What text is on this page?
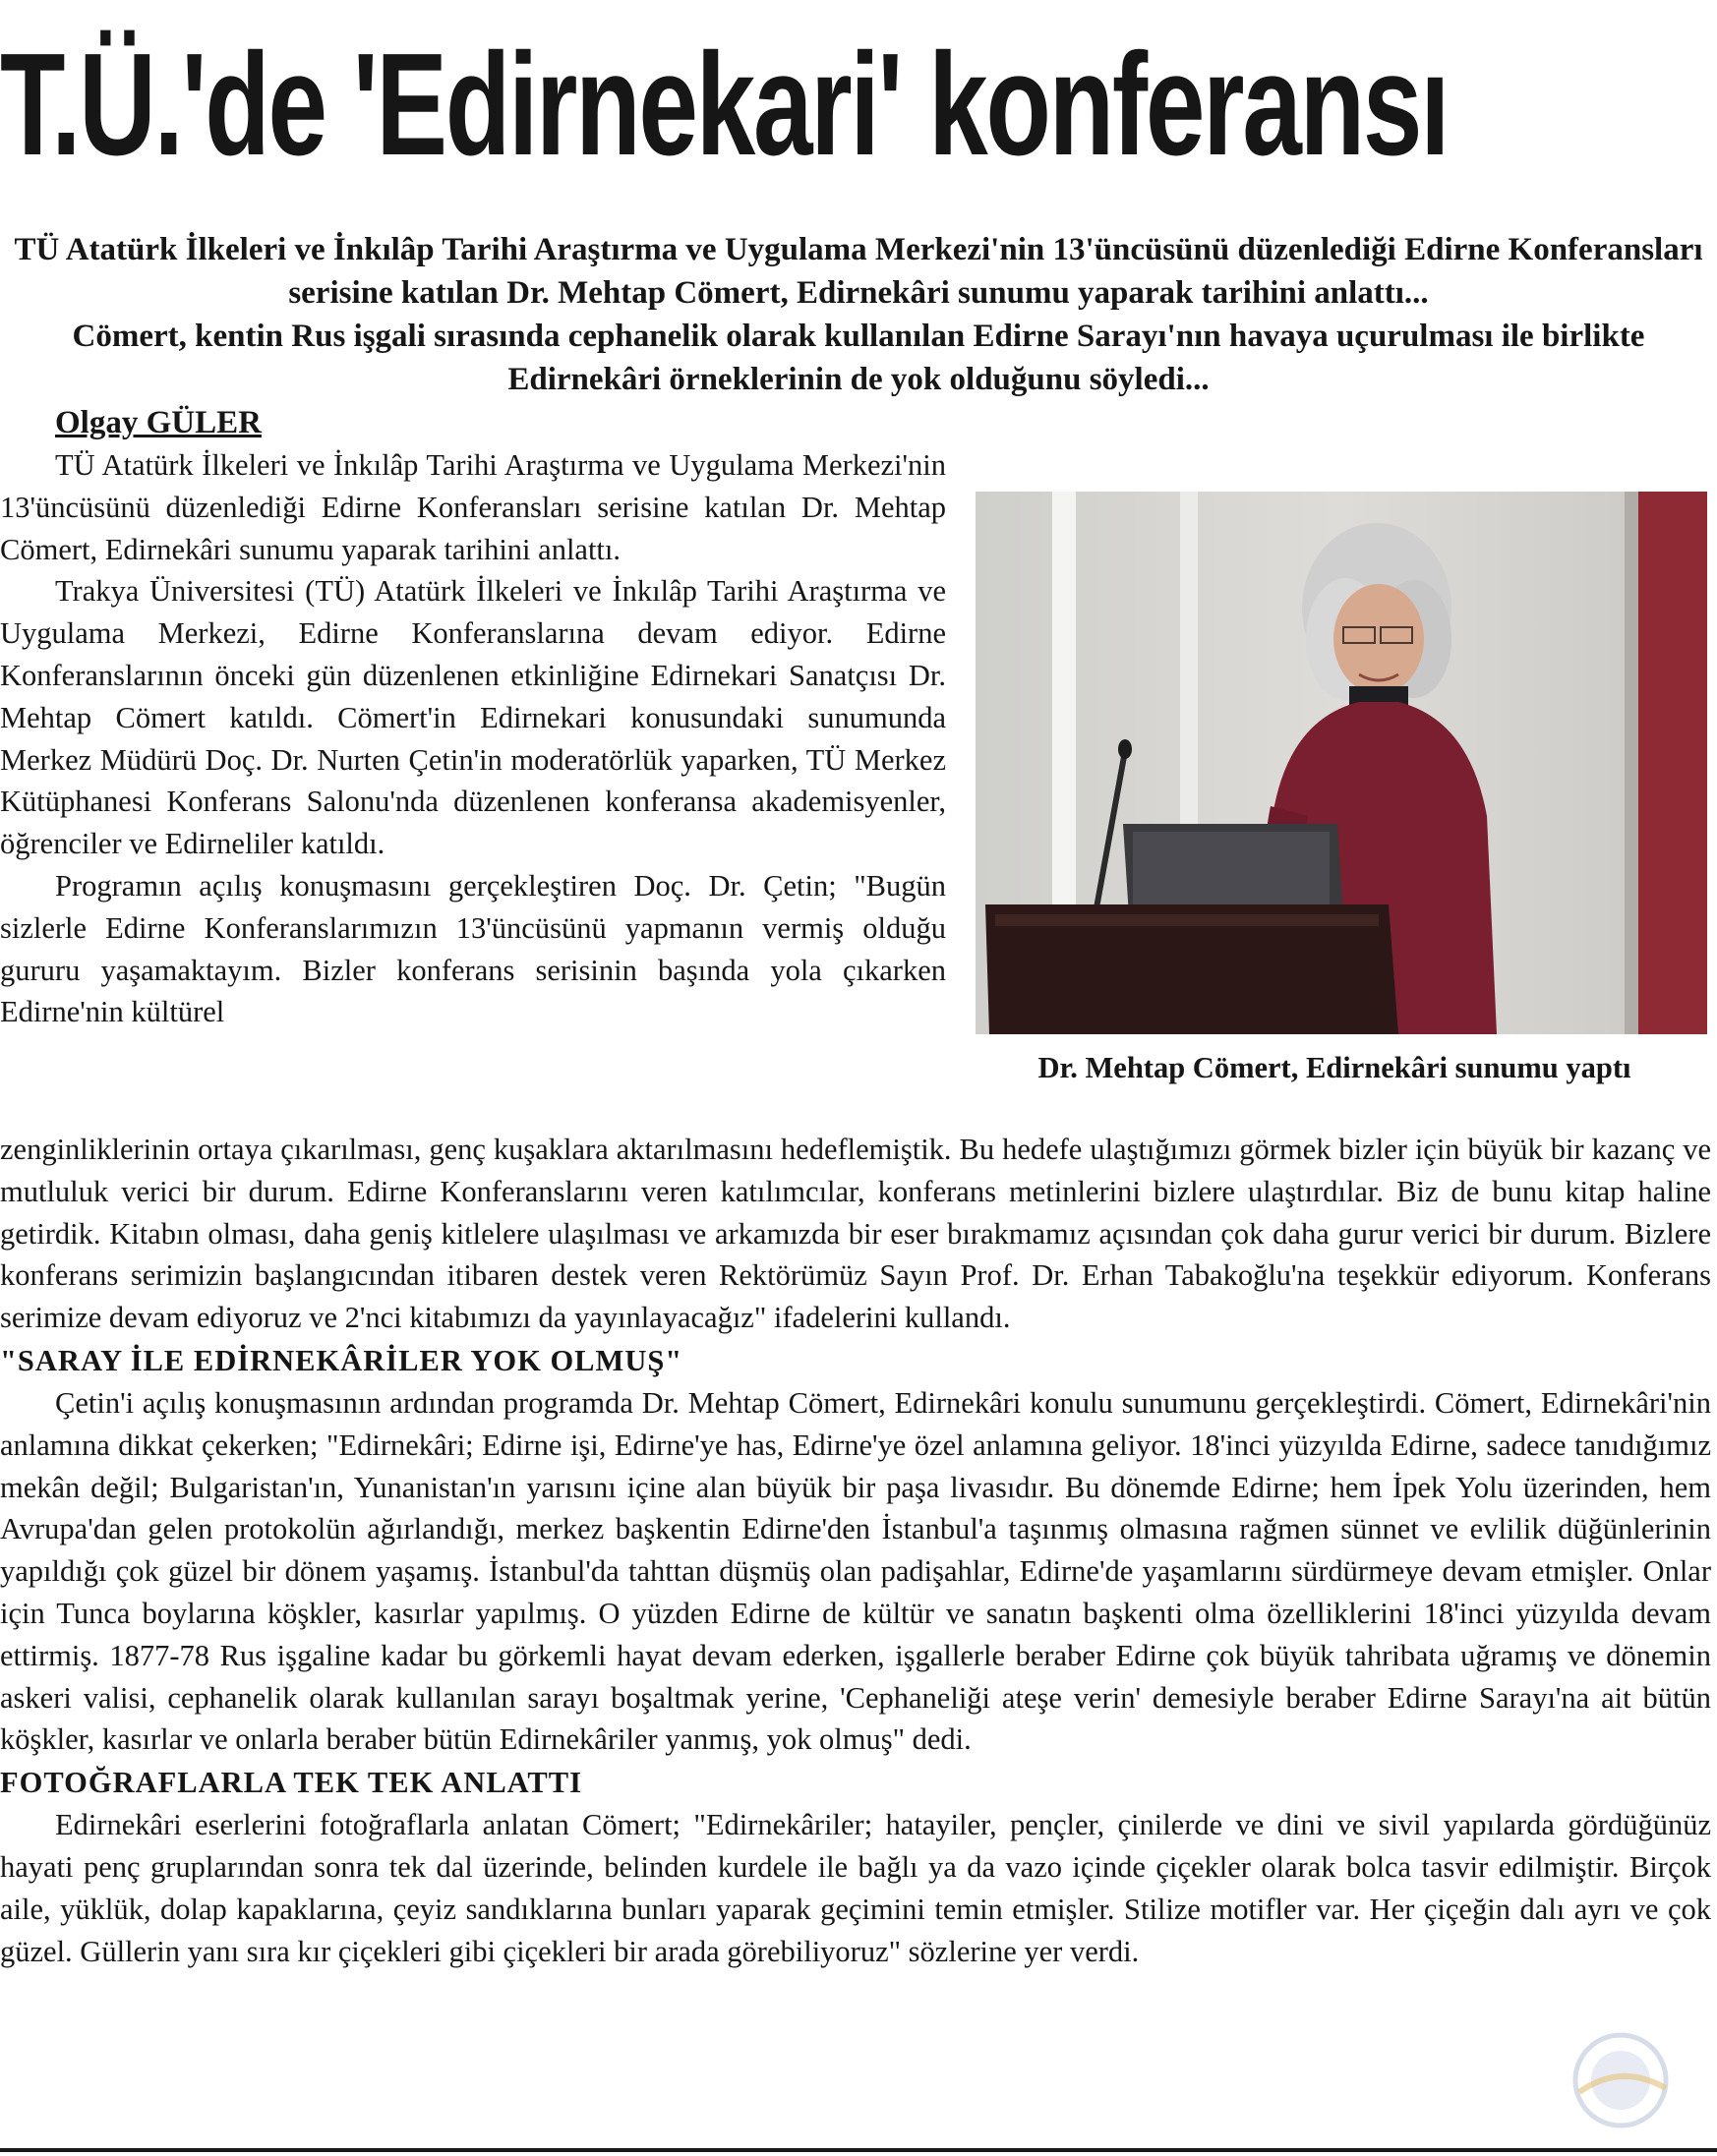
T.Ü.'de 'Edirnekari' konferansı

TÜ Atatürk İlkeleri ve İnkılâp Tarihi Araştırma ve Uygulama Merkezi'nin 13'üncüsünü düzenlediği Edirne Konferansları serisine katılan Dr. Mehtap Cömert, Edirnekâri sunumu yaparak tarihini anlattı...

Cömert, kentin Rus işgali sırasında cephanelik olarak kullanılan Edirne Sarayı'nın havaya uçurulması ile birlikte Edirnekâri örneklerinin de yok olduğunu söyledi...

Olgay GÜLER

TÜ Atatürk İlkeleri ve İnkılâp Tarihi Araştırma ve Uygulama Merkezi'nin 13'üncüsünü düzenlediği Edirne Konferansları serisine katılan Dr. Mehtap Cömert, Edirnekâri sunumu yaparak tarihini anlattı.

Trakya Üniversitesi (TÜ) Atatürk İlkeleri ve İnkılâp Tarihi Araştırma ve Uygulama Merkezi, Edirne Konferanslarına devam ediyor. Edirne Konferanslarının önceki gün düzenlenen etkinliğine Edirnekari Sanatçısı Dr. Mehtap Cömert katıldı. Cömert'in Edirnekari konusundaki sunumunda Merkez Müdürü Doç. Dr. Nurten Çetin'in moderatörlük yaparken, TÜ Merkez Kütüphanesi Konferans Salonu'nda düzenlenen konferansa akademisyenler, öğrenciler ve Edirneliler katıldı.

Programın açılış konuşmasını gerçekleştiren Doç. Dr. Çetin; "Bugün sizlerle Edirne Konferanslarımızın 13'üncüsünü yapmanın vermiş olduğu gururu yaşamaktayım. Bizler konferans serisinin başında yola çıkarken Edirne'nin kültürel

Dr. Mehtap Cömert, Edirnekâri sunumu yaptı

zenginliklerinin ortaya çıkarılması, genç kuşaklara aktarılmasını hedeflemiştik. Bu hedefe ulaştığımızı görmek bizler için büyük bir kazanç ve mutluluk verici bir durum. Edirne Konferanslarını veren katılımcılar, konferans metinlerini bizlere ulaştırdılar. Biz de bunu kitap haline getirdik. Kitabın olması, daha geniş kitlelere ulaşılması ve arkamızda bir eser bırakmamız açısından çok daha gurur verici bir durum. Bizlere konferans serimizin başlangıcından itibaren destek veren Rektörümüz Sayın Prof. Dr. Erhan Tabakoğlu'na teşekkür ediyorum. Konferans serimize devam ediyoruz ve 2'nci kitabımızı da yayınlayacağız" ifadelerini kullandı.

"SARAY İLE EDİRNEKÂRİLER YOK OLMUŞ"

Çetin'i açılış konuşmasının ardından programda Dr. Mehtap Cömert, Edirnekâri konulu sunumunu gerçekleştirdi. Cömert, Edirnekâri'nin anlamına dikkat çekerken; "Edirnekâri; Edirne işi, Edirne'ye has, Edirne'ye özel anlamına geliyor. 18'inci yüzyılda Edirne, sadece tanıdığımız mekân değil; Bulgaristan'ın, Yunanistan'ın yarısını içine alan büyük bir paşa livasıdır. Bu dönemde Edirne; hem İpek Yolu üzerinden, hem Avrupa'dan gelen protokolün ağırlandığı, merkez başkentin Edirne'den İstanbul'a taşınmış olmasına rağmen sünnet ve evlilik düğünlerinin yapıldığı çok güzel bir dönem yaşamış. İstanbul'da tahttan düşmüş olan padişahlar, Edirne'de yaşamlarını sürdürmeye devam etmişler. Onlar için Tunca boylarına köşkler, kasırlar yapılmış. O yüzden Edirne de kültür ve sanatın başkenti olma özelliklerini 18'inci yüzyılda devam ettirmiş. 1877-78 Rus işgaline kadar bu görkemli hayat devam ederken, işgallerle beraber Edirne çok büyük tahribata uğramış ve dönemin askeri valisi, cephanelik olarak kullanılan sarayı boşaltmak yerine, 'Cephaneliği ateşe verin' demesiyle beraber Edirne Sarayı'na ait bütün köşkler, kasırlar ve onlarla beraber bütün Edirnekâriler yanmış, yok olmuş" dedi.

FOTOĞRAFLARLA TEK TEK ANLATTI

Edirnekâri eserlerini fotoğraflarla anlatan Cömert; "Edirnekâriler; hatayiler, pençler, çinilerde ve dini ve sivil yapılarda gördüğünüz hayati penç gruplarından sonra tek dal üzerinde, belinden kurdele ile bağlı ya da vazo içinde çiçekler olarak bolca tasvir edilmiştir. Birçok aile, yüklük, dolap kapaklarına, çeyiz sandıklarına bunları yaparak geçimini temin etmişler. Stilize motifler var. Her çiçeğin dalı ayrı ve çok güzel. Güllerin yanı sıra kır çiçekleri gibi çiçekleri bir arada görebiliyoruz" sözlerine yer verdi.
